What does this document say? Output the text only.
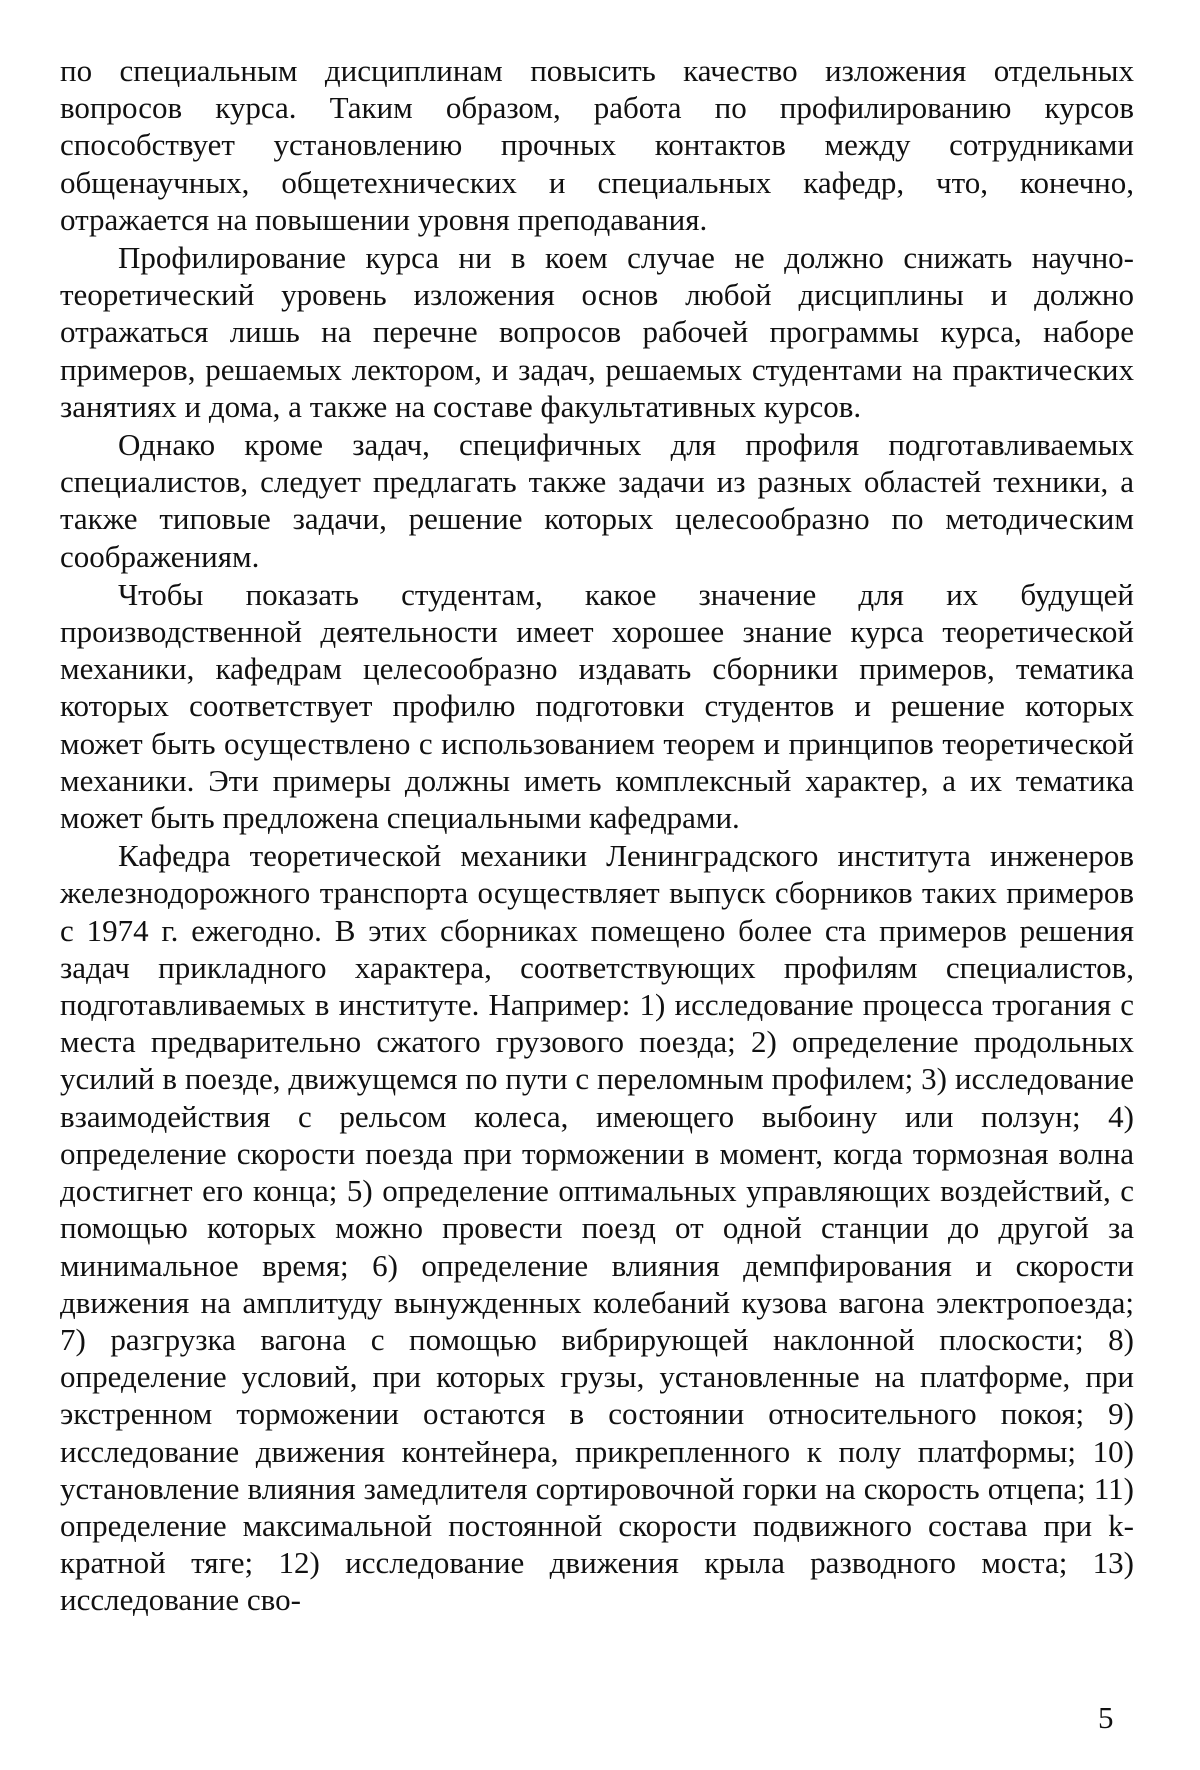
по специальным дисциплинам повысить качество изложения отдельных вопросов курса. Таким образом, работа по профилированию курсов способствует установлению прочных контактов между сотрудниками общенаучных, общетехнических и специальных кафедр, что, конечно, отражается на повышении уровня преподавания.

Профилирование курса ни в коем случае не должно снижать научно-теоретический уровень изложения основ любой дисциплины и должно отражаться лишь на перечне вопросов рабочей программы курса, наборе примеров, решаемых лектором, и задач, решаемых студентами на практических занятиях и дома, а также на составе факультативных курсов.

Однако кроме задач, специфичных для профиля подготавливаемых специалистов, следует предлагать также задачи из разных областей техники, а также типовые задачи, решение которых целесообразно по методическим соображениям.

Чтобы показать студентам, какое значение для их будущей производственной деятельности имеет хорошее знание курса теоретической механики, кафедрам целесообразно издавать сборники примеров, тематика которых соответствует профилю подготовки студентов и решение которых может быть осуществлено с использованием теорем и принципов теоретической механики. Эти примеры должны иметь комплексный характер, а их тематика может быть предложена специальными кафедрами.

Кафедра теоретической механики Ленинградского института инженеров железнодорожного транспорта осуществляет выпуск сборников таких примеров с 1974 г. ежегодно. В этих сборниках помещено более ста примеров решения задач прикладного характера, соответствующих профилям специалистов, подготавливаемых в институте. Например: 1) исследование процесса трогания с места предварительно сжатого грузового поезда; 2) определение продольных усилий в поезде, движущемся по пути с переломным профилем; 3) исследование взаимодействия с рельсом колеса, имеющего выбоину или ползун; 4) определение скорости поезда при торможении в момент, когда тормозная волна достигнет его конца; 5) определение оптимальных управляющих воздействий, с помощью которых можно провести поезд от одной станции до другой за минимальное время; 6) определение влияния демпфирования и скорости движения на амплитуду вынужденных колебаний кузова вагона электропоезда; 7) разгрузка вагона с помощью вибрирующей наклонной плоскости; 8) определение условий, при которых грузы, установленные на платформе, при экстренном торможении остаются в состоянии относительного покоя; 9) исследование движения контейнера, прикрепленного к полу платформы; 10) установление влияния замедлителя сортировочной горки на скорость отцепа; 11) определение максимальной постоянной скорости подвижного состава при k-кратной тяге; 12) исследование движения крыла разводного моста; 13) исследование сво-

5
